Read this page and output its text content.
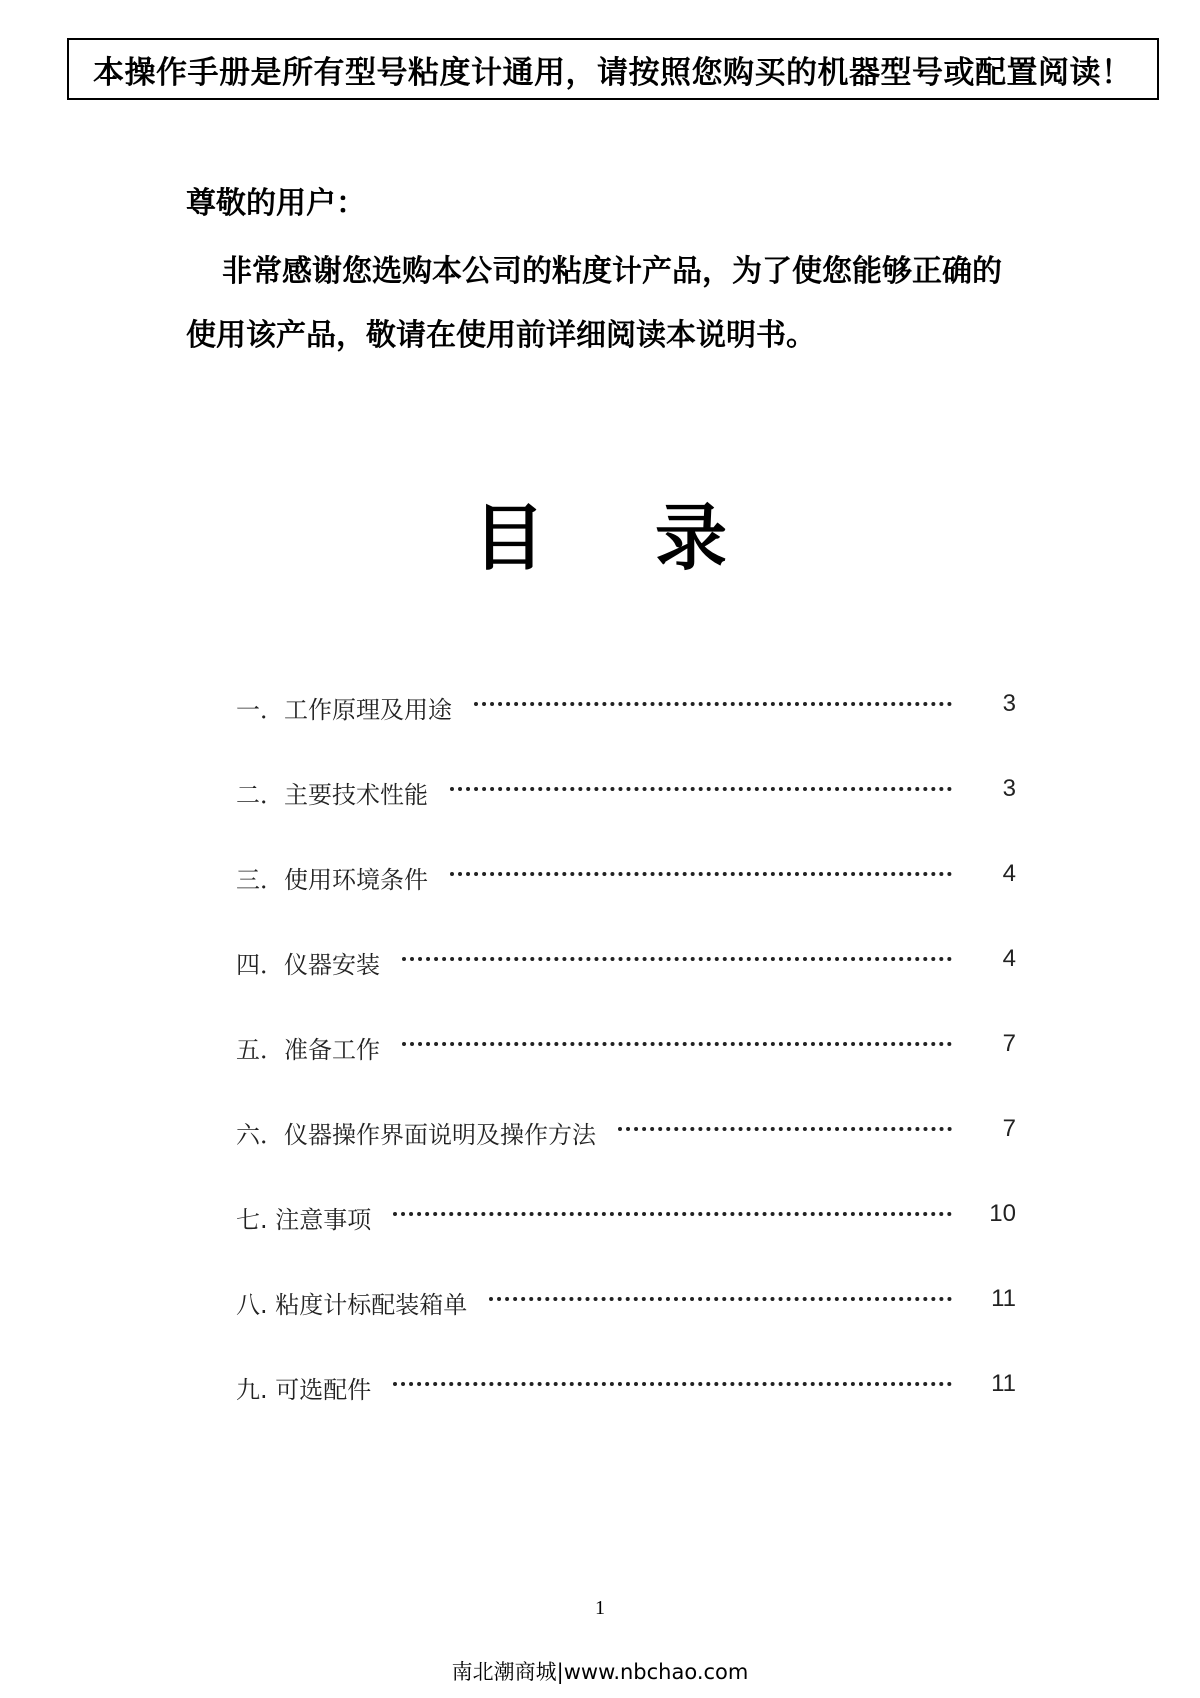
本操作手册是所有型号粘度计通用，请按照您购买的机器型号或配置阅读！
尊敬的用户：
非常感谢您选购本公司的粘度计产品，为了使您能够正确的使用该产品，敬请在使用前详细阅读本说明书。
目 录
一．工作原理及用途	3
二．主要技术性能	3
三．使用环境条件	4
四．仪器安装	4
五．准备工作	7
六．仪器操作界面说明及操作方法	7
七. 注意事项	10
八. 粘度计标配装箱单	11
九. 可选配件	11
1
南北潮商城|www.nbchao.com
